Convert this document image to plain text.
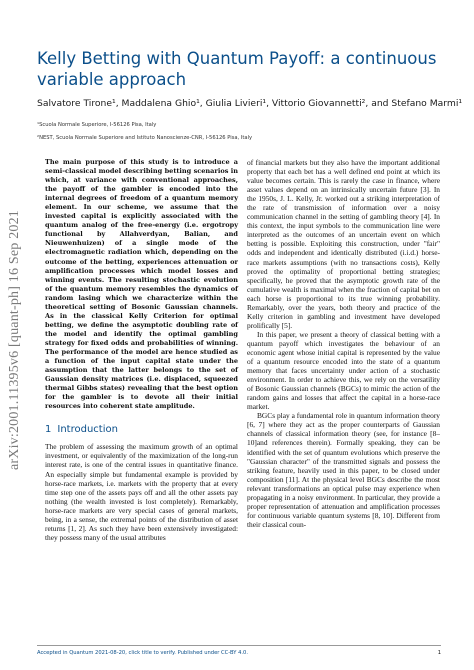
arXiv:2001.11395v6 [quant-ph] 16 Sep 2021
Kelly Betting with Quantum Payoff: a continuous variable approach
Salvatore Tirone¹, Maddalena Ghio¹, Giulia Livieri¹, Vittorio Giovannetti², and Stefano Marmi¹
¹Scuola Normale Superiore, I-56126 Pisa, Italy
²NEST, Scuola Normale Superiore and Istituto Nanoscienze-CNR, I-56126 Pisa, Italy

The main purpose of this study is to introduce a semi-classical model describing betting scenarios in which, at variance with conventional approaches, the payoff of the gambler is encoded into the internal degrees of freedom of a quantum memory element. In our scheme, we assume that the invested capital is explicitly associated with the quantum analog of the free-energy (i.e. ergotropy functional by Allahverdyan, Balian, and Nieuwenhuizen) of a single mode of the electromagnetic radiation which, depending on the outcome of the betting, experiences attenuation or amplification processes which model losses and winning events. The resulting stochastic evolution of the quantum memory resembles the dynamics of random lasing which we characterize within the theoretical setting of Bosonic Gaussian channels. As in the classical Kelly Criterion for optimal betting, we define the asymptotic doubling rate of the model and identify the optimal gambling strategy for fixed odds and probabilities of winning. The performance of the model are hence studied as a function of the input capital state under the assumption that the latter belongs to the set of Gaussian density matrices (i.e. displaced, squeezed thermal Gibbs states) revealing that the best option for the gambler is to devote all their initial resources into coherent state amplitude.

1 Introduction

The problem of assessing the maximum growth of an optimal investment, or equivalently of the maximization of the long-run interest rate, is one of the central issues in quantitative finance. An especially simple but fundamental example is provided by horse-race markets, i.e. markets with the property that at every time step one of the assets pays off and all the other assets pay nothing (the wealth invested is lost completely). Remarkably, horse-race markets are very special cases of general markets, being, in a sense, the extremal points of the distribution of asset returns [1, 2]. As such they have been extensively investigated: they possess many of the usual attributes

of financial markets but they also have the important additional property that each bet has a well defined end point at which its value becomes certain. This is rarely the case in finance, where asset values depend on an intrinsically uncertain future [3]. In the 1950s, J. L. Kelly, Jr. worked out a striking interpretation of the rate of transmission of information over a noisy communication channel in the setting of gambling theory [4]. In this context, the input symbols to the communication line were interpreted as the outcomes of an uncertain event on which betting is possible. Exploiting this construction, under "fair" odds and independent and identically distributed (i.i.d.) horse-race markets assumptions (with no transactions costs), Kelly proved the optimality of proportional betting strategies; specifically, he proved that the asymptotic growth rate of the cumulative wealth is maximal when the fraction of capital bet on each horse is proportional to its true winning probability. Remarkably, over the years, both theory and practice of the Kelly criterion in gambling and investment have developed prolifically [5].

In this paper, we present a theory of classical betting with a quantum payoff which investigates the behaviour of an economic agent whose initial capital is represented by the value of a quantum resource encoded into the state of a quantum memory that faces uncertainty under action of a stochastic environment. In order to achieve this, we rely on the versatility of Bosonic Gaussian channels (BGCs) to mimic the action of the random gains and losses that affect the capital in a horse-race market.

BGCs play a fundamental role in quantum information theory [6, 7] where they act as the proper counterparts of Gaussian channels of classical information theory (see, for instance [8–10]and references therein). Formally speaking, they can be identified with the set of quantum evolutions which preserve the "Gaussian character" of the transmitted signals and possess the striking feature, heavily used in this paper, to be closed under composition [11]. At the physical level BGCs describe the most relevant transformations an optical pulse may experience when propagating in a noisy environment. In particular, they provide a proper representation of attenuation and amplification processes for continuous variable quantum systems [8, 10]. Different from their classical coun-

Accepted in Quantum 2021-08-20, click title to verify. Published under CC-BY 4.0.	1
